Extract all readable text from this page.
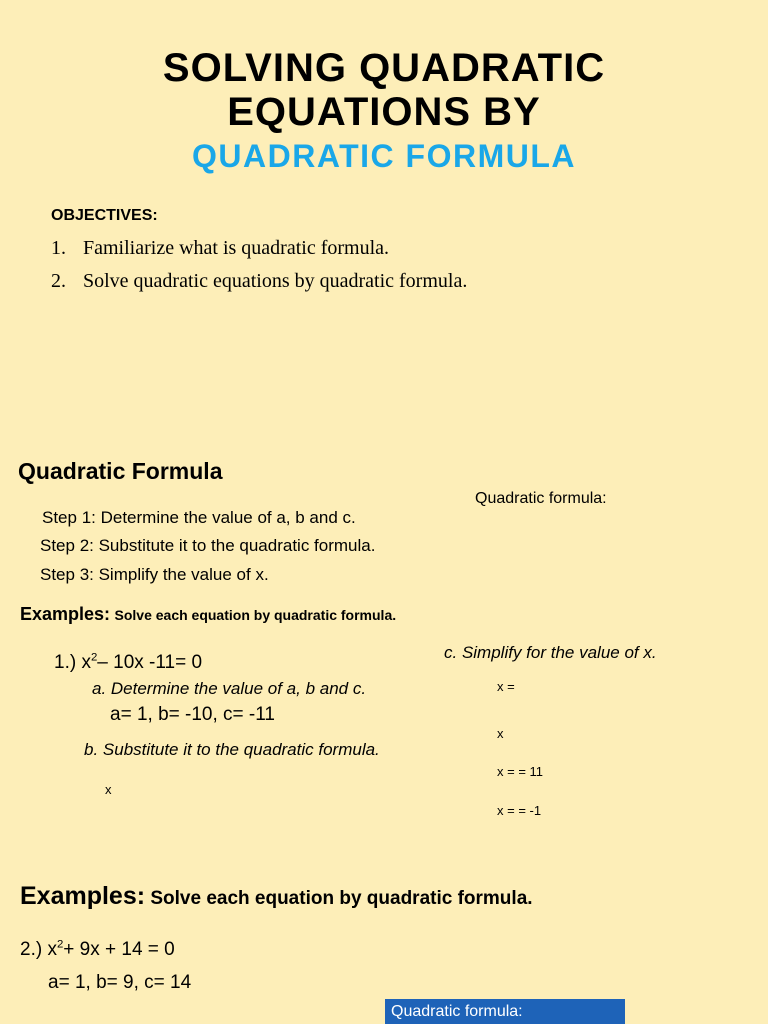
SOLVING QUADRATIC
EQUATIONS BY
QUADRATIC FORMULA
OBJECTIVES:
1. Familiarize what is quadratic formula.
2. Solve quadratic equations by quadratic formula.
Quadratic Formula
Quadratic formula:
Step 1: Determine the value of a, b and c.
Step 2: Substitute it to the quadratic formula.
Step 3: Simplify the value of x.
Examples: Solve each equation by quadratic formula.
1.) $x^2-$ 10x -11= 0
a. Determine the value of a, b and c.
a= 1, b= -10, c= -11
b. Substitute it to the quadratic formula.
x
c. Simplify for the value of x.
x =
x
x = = 11
x = = -1
Examples: Solve each equation by quadratic formula.
2.) $x^2+ 9x + 14 = 0$
a= 1, b= 9, c= 14
Quadratic formula:
